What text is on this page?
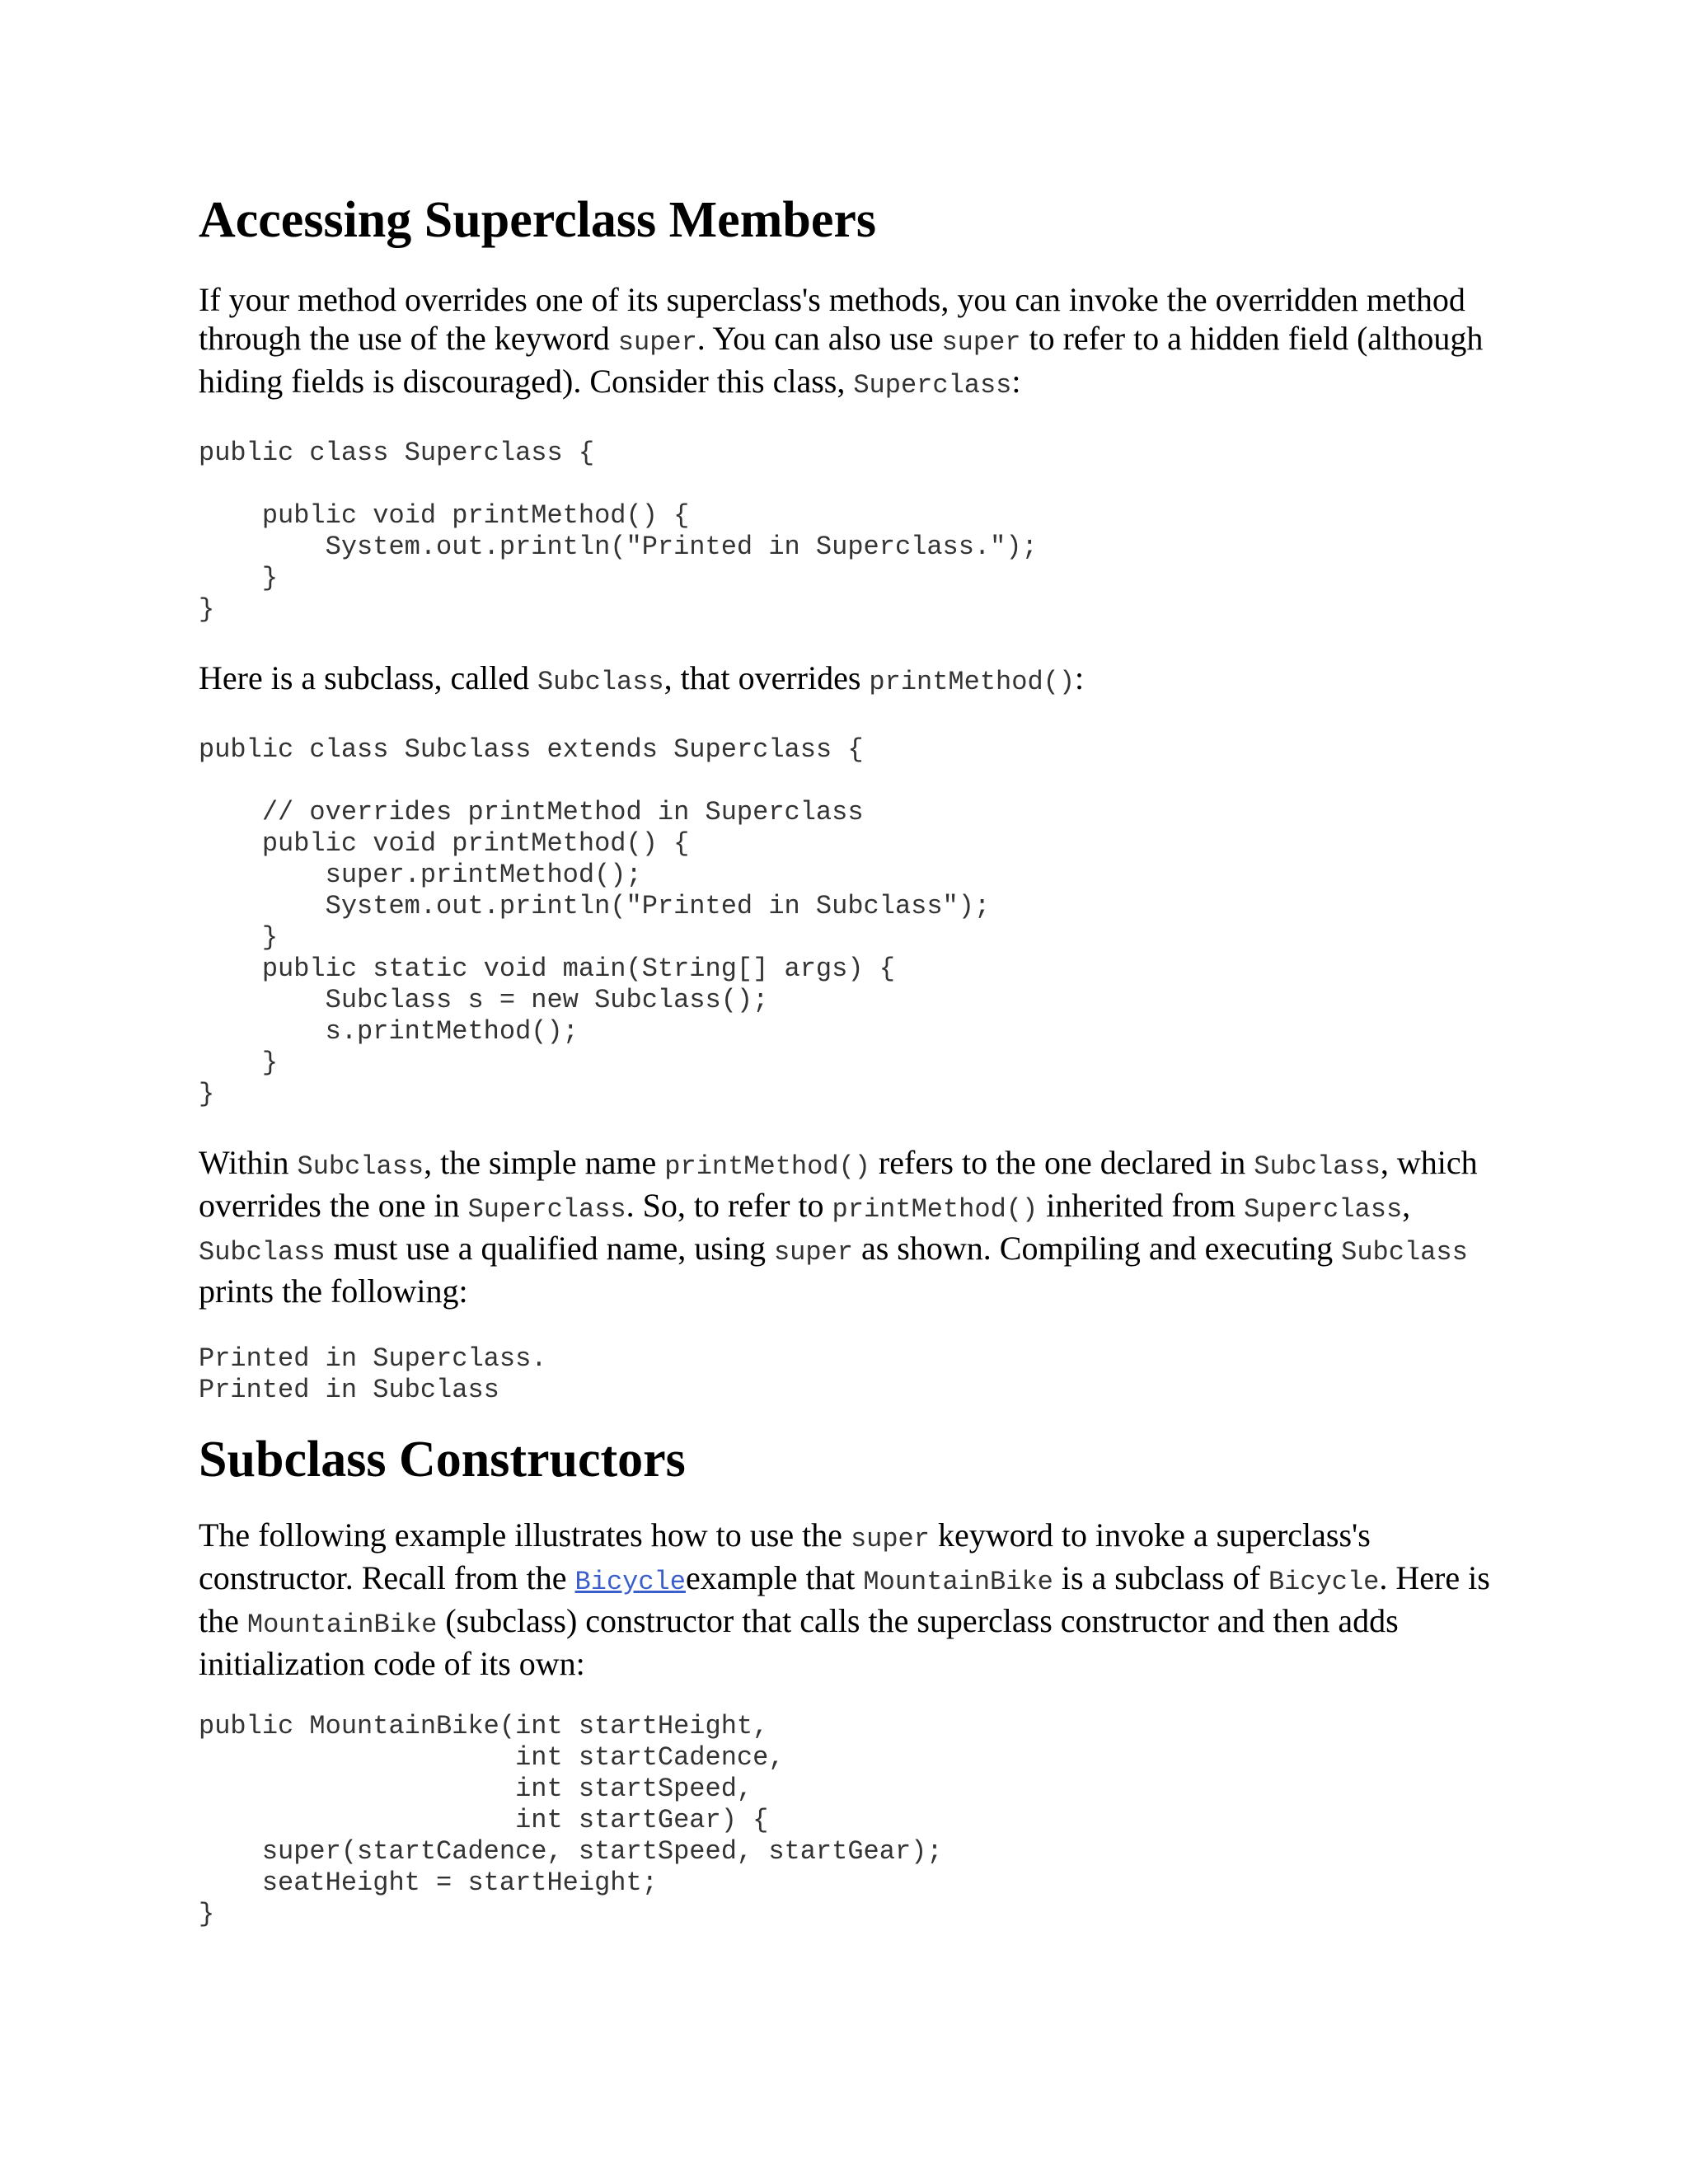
Accessing Superclass Members

If your method overrides one of its superclass's methods, you can invoke the overridden method through the use of the keyword super. You can also use super to refer to a hidden field (although hiding fields is discouraged). Consider this class, Superclass:

public class Superclass {

public void printMethod() {
System.out.println("Printed in Superclass.");
}
}

Here is a subclass, called Subclass, that overrides printMethod():

public class Subclass extends Superclass {

// overrides printMethod in Superclass
public void printMethod() {
super.printMethod();
System.out.println("Printed in Subclass");
}
public static void main(String[] args) {
Subclass s = new Subclass();
s.printMethod();
}
}

Within Subclass, the simple name printMethod() refers to the one declared in Subclass, which overrides the one in Superclass. So, to refer to printMethod() inherited from Superclass, Subclass must use a qualified name, using super as shown. Compiling and executing Subclass prints the following:

Printed in Superclass.
Printed in Subclass
Subclass Constructors

The following example illustrates how to use the super keyword to invoke a superclass's constructor. Recall from the Bicycleexample that MountainBike is a subclass of Bicycle. Here is the MountainBike (subclass) constructor that calls the superclass constructor and then adds initialization code of its own:

public MountainBike(int startHeight,
int startCadence,
int startSpeed,
int startGear) {
super(startCadence, startSpeed, startGear);
seatHeight = startHeight;
}
